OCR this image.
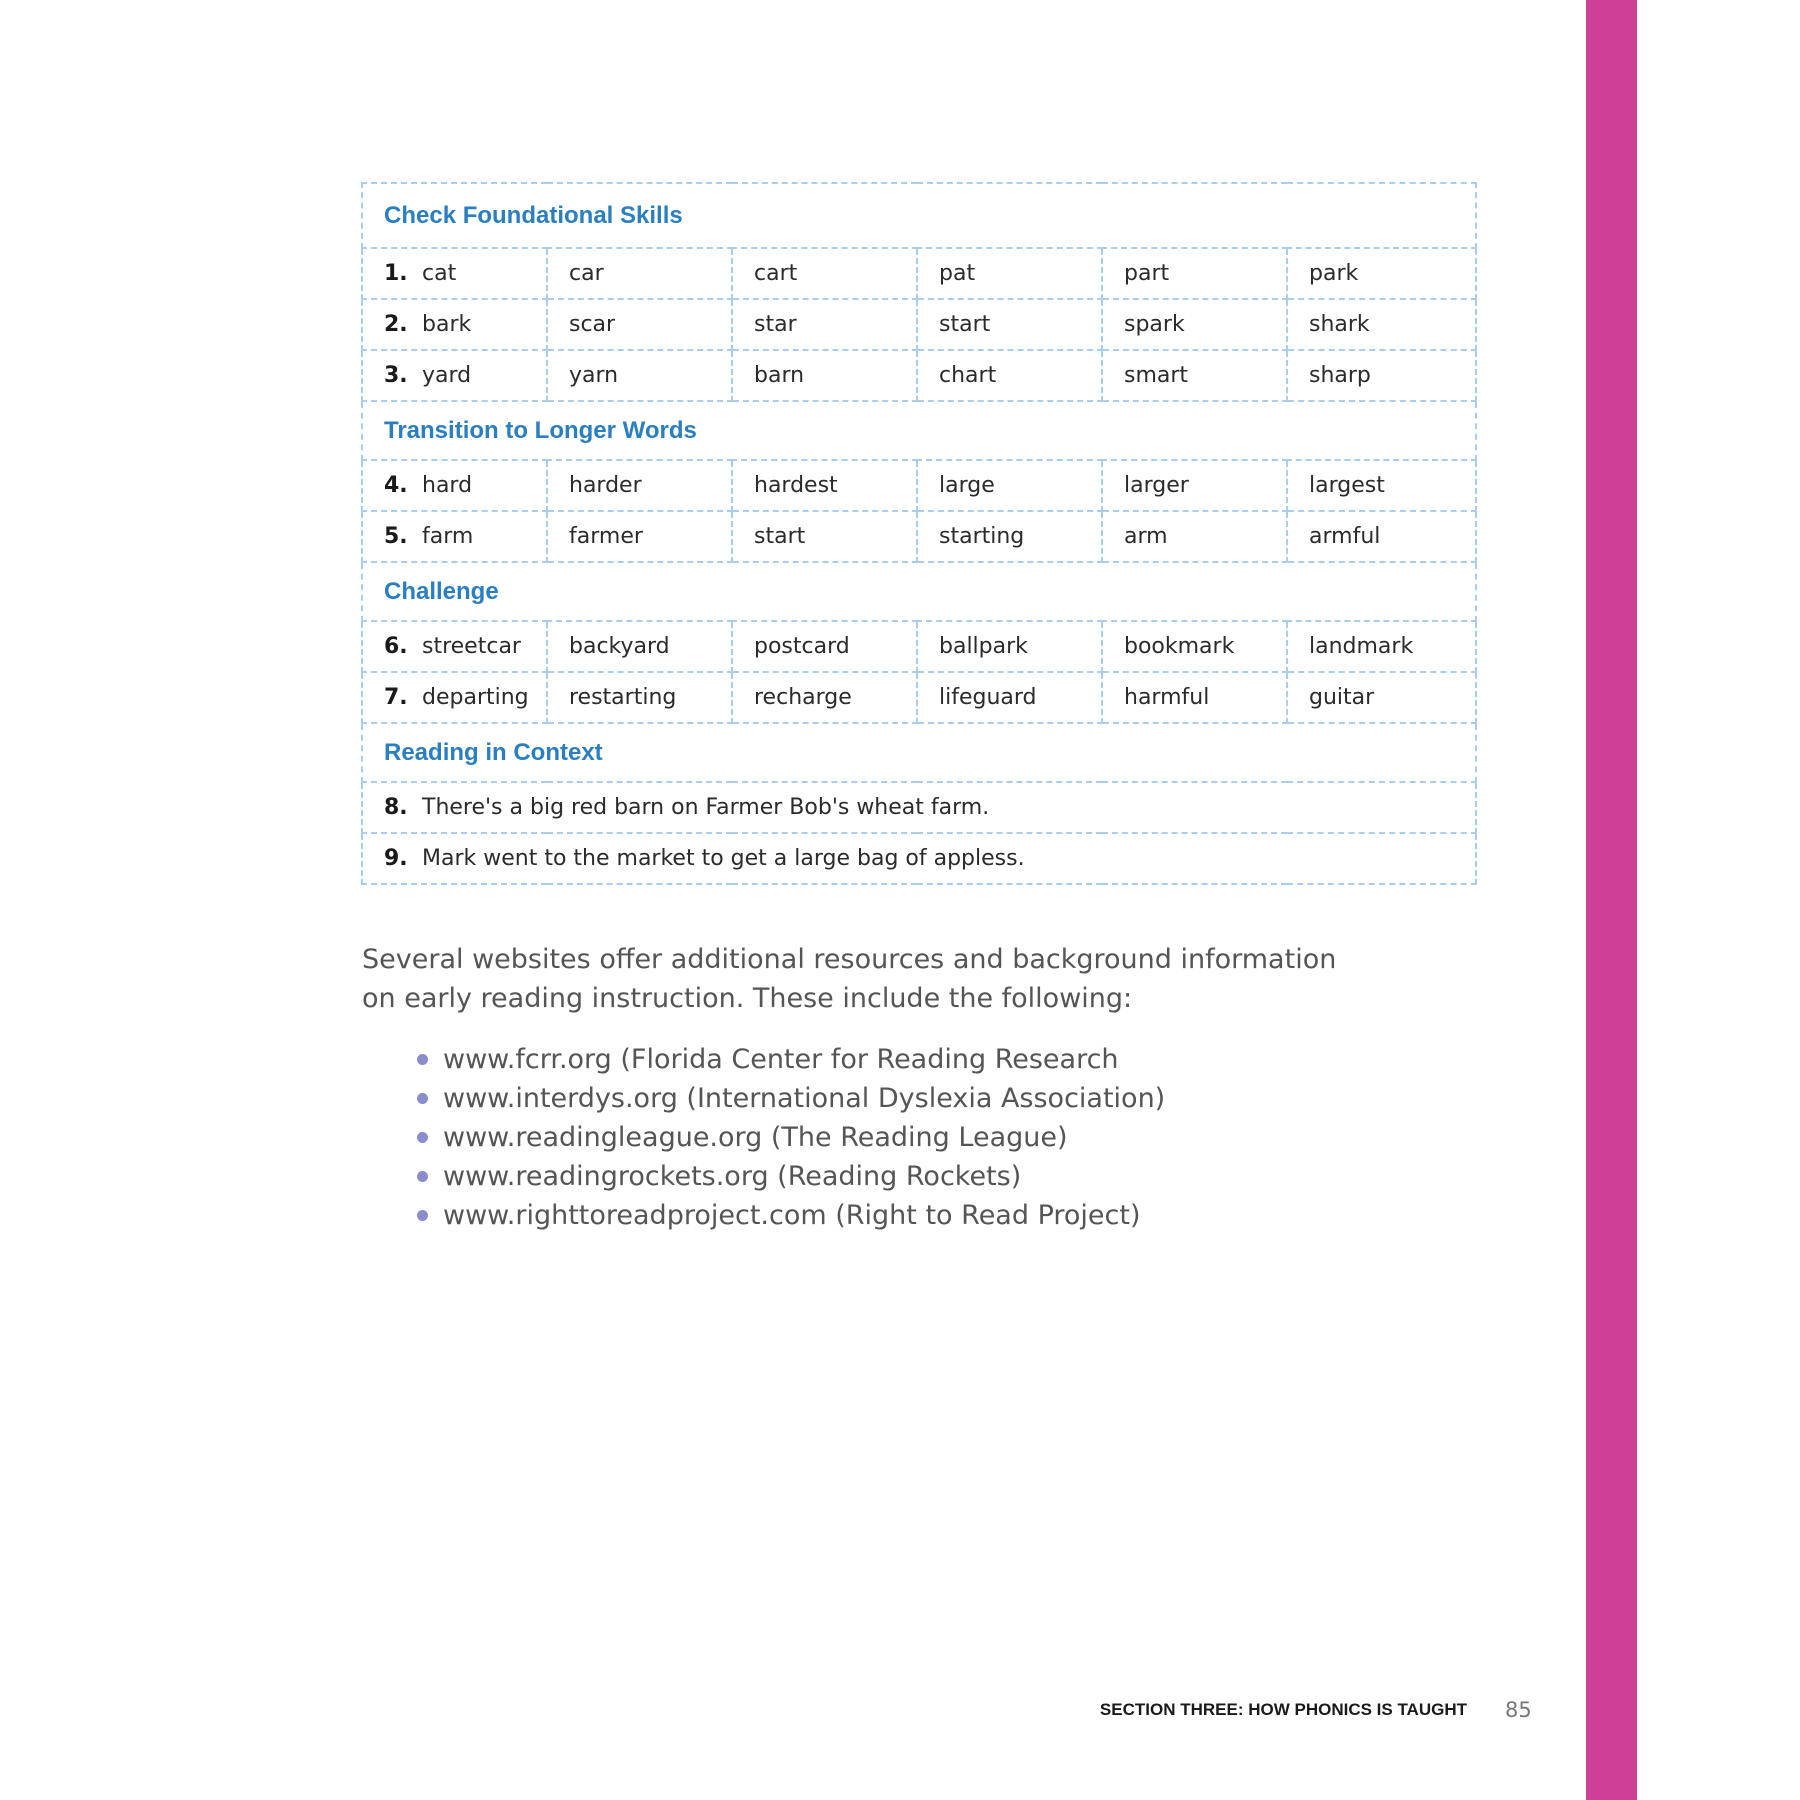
Check Foundational Skills					
1. cat	car	cart	pat	part	park
2. bark	scar	star	start	spark	shark
3. yard	yarn	barn	chart	smart	sharp
Transition to Longer Words					
4. hard	harder	hardest	large	larger	largest
5. farm	farmer	start	starting	arm	armful
Challenge					
6. streetcar	backyard	postcard	ballpark	bookmark	landmark
7. departing	restarting	recharge	lifeguard	harmful	guitar
Reading in Context					
8. There's a big red barn on Farmer Bob's wheat farm.					
9. Mark went to the market to get a large bag of appless.					

Several websites offer additional resources and background information on early reading instruction. These include the following:

www.fcrr.org (Florida Center for Reading Research
www.interdys.org (International Dyslexia Association)
www.readingleague.org (The Reading League)
www.readingrockets.org (Reading Rockets)
www.righttoreadproject.com (Right to Read Project)
SECTION THREE: HOW PHONICS IS TAUGHT 85
